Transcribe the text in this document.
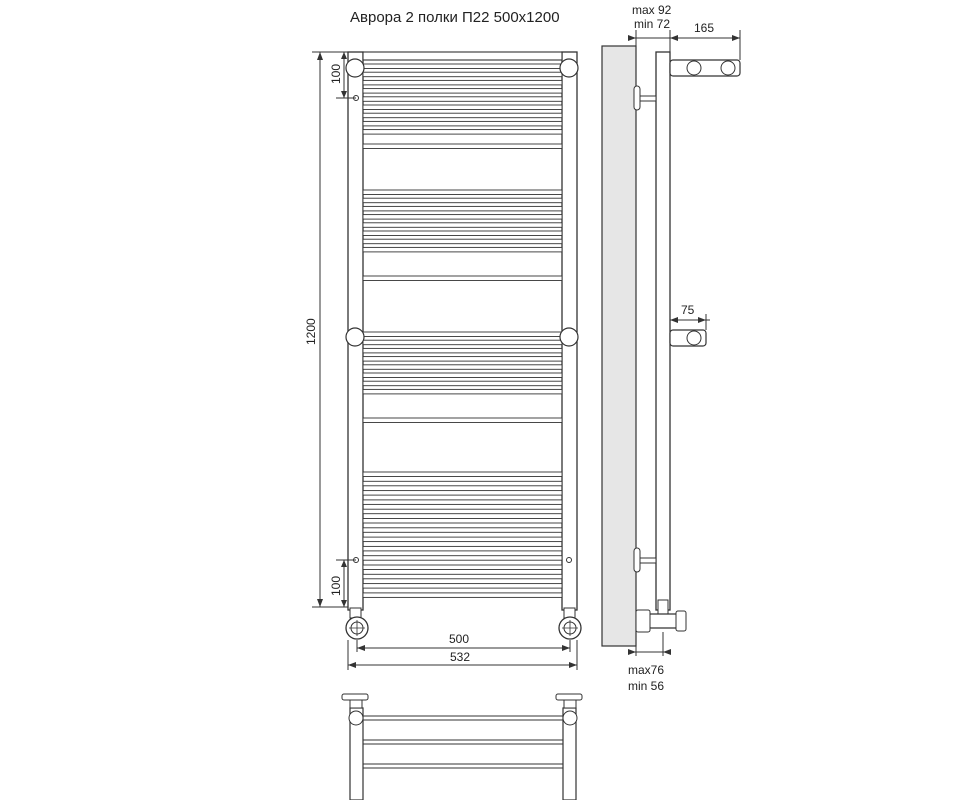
Аврора 2 полки П22 500x1200
1200
100
100
500
532
max 92
min 72 165
75
max76
min 56
